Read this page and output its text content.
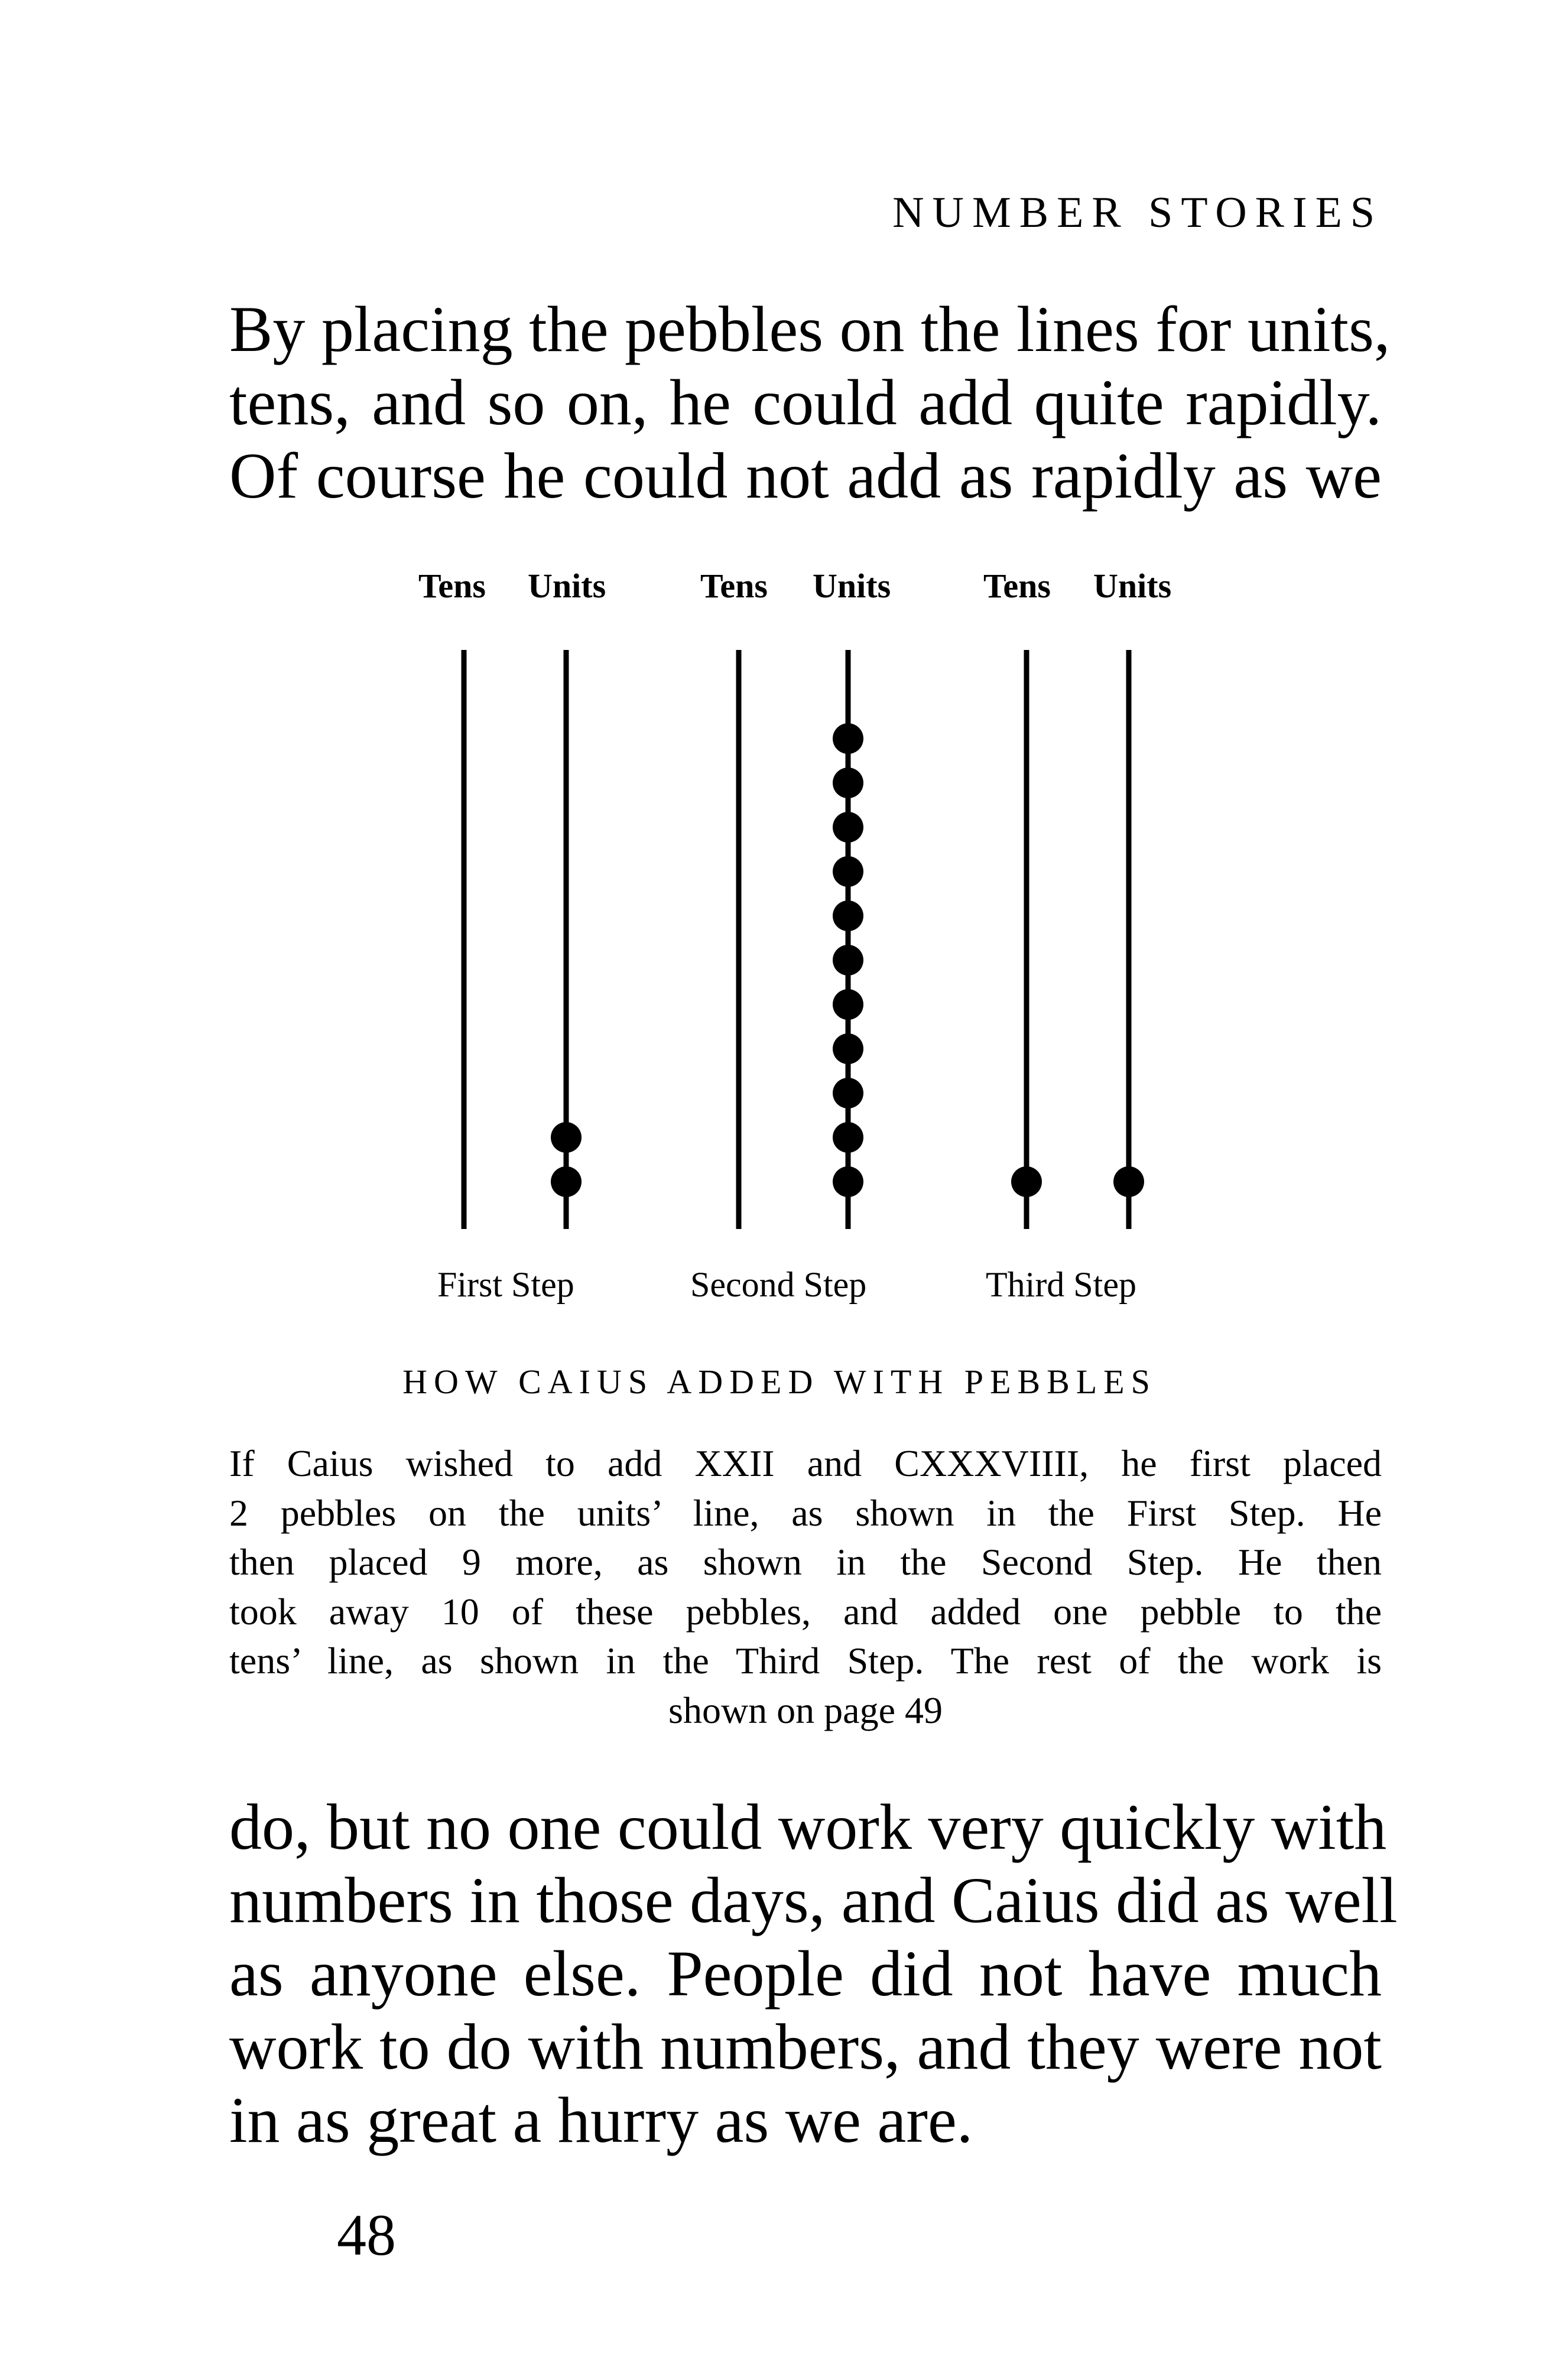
NUMBER STORIES
By placing the pebbles on the lines for units,
tens, and so on, he could add quite rapidly.
Of course he could not add as rapidly as we
Tens Units	Tens Units	Tens Units
First Step	Second Step	Third Step
HOW CAIUS ADDED WITH PEBBLES
If Caius wished to add XXII and CXXXVIIII, he first placed
2 pebbles on the units’ line, as shown in the First Step. He
then placed 9 more, as shown in the Second Step. He then
took away 10 of these pebbles, and added one pebble to the
tens’ line, as shown in the Third Step. The rest of the work is
shown on page 49
do, but no one could work very quickly with
numbers in those days, and Caius did as well
as anyone else. People did not have much
work to do with numbers, and they were not
in as great a hurry as we are.
48
